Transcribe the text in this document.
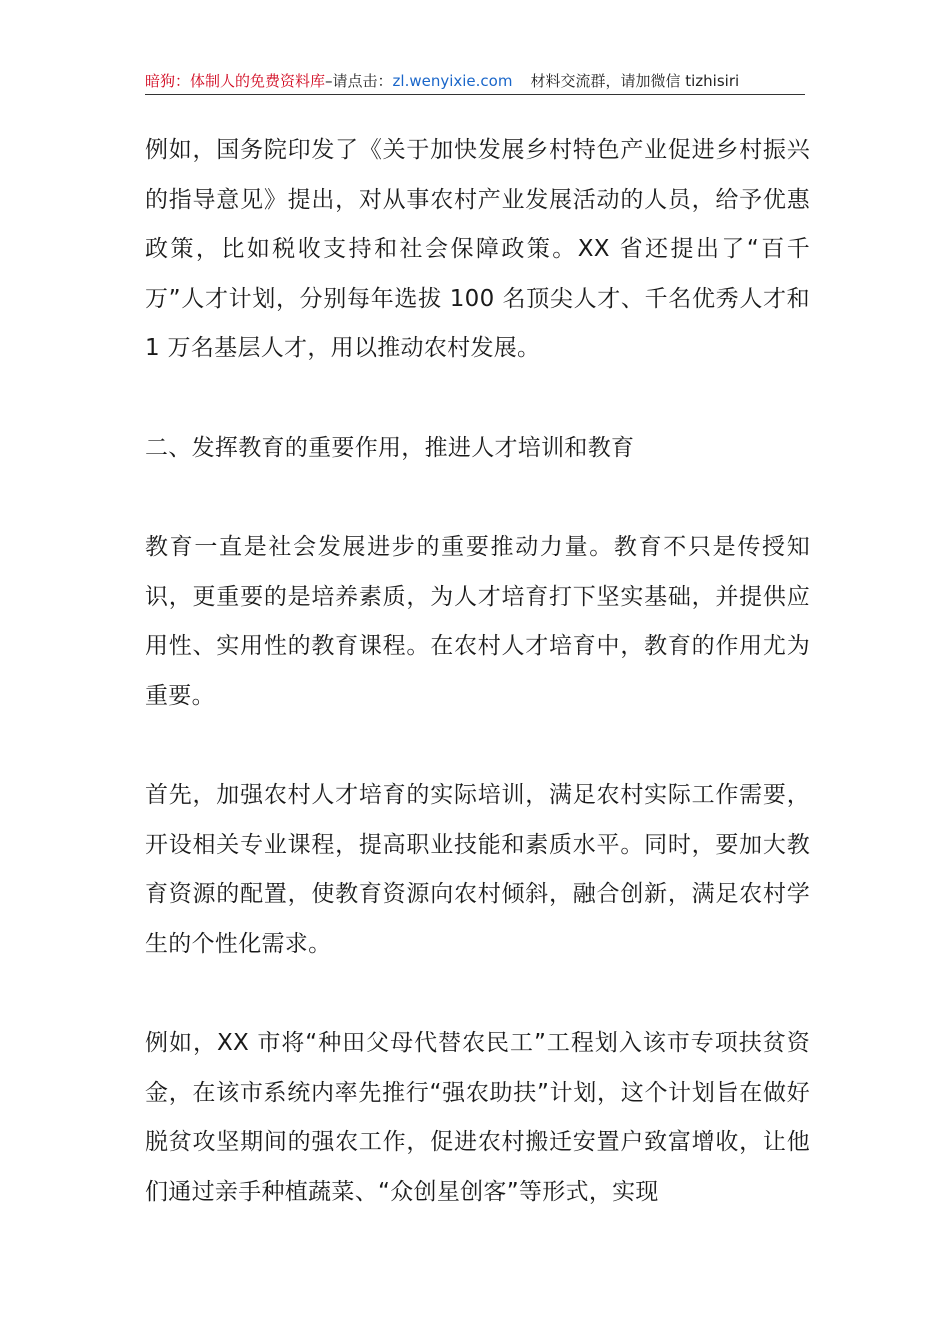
暗狗：体制人的免费资料库–请点击：zl.wenyixie.com 材料交流群，请加微信 tizhisiri

例如，国务院印发了《关于加快发展乡村特色产业促进乡村振兴的指导意见》提出，对从事农村产业发展活动的人员，给予优惠政策，比如税收支持和社会保障政策。XX 省还提出了“百千万”人才计划，分别每年选拔 100 名顶尖人才、千名优秀人才和 1 万名基层人才，用以推动农村发展。

二、发挥教育的重要作用，推进人才培训和教育

教育一直是社会发展进步的重要推动力量。教育不只是传授知识，更重要的是培养素质，为人才培育打下坚实基础，并提供应用性、实用性的教育课程。在农村人才培育中，教育的作用尤为重要。

首先，加强农村人才培育的实际培训，满足农村实际工作需要，开设相关专业课程，提高职业技能和素质水平。同时，要加大教育资源的配置，使教育资源向农村倾斜，融合创新，满足农村学生的个性化需求。

例如，XX 市将“种田父母代替农民工”工程划入该市专项扶贫资金，在该市系统内率先推行“强农助扶”计划，这个计划旨在做好脱贫攻坚期间的强农工作，促进农村搬迁安置户致富增收，让他们通过亲手种植蔬菜、“众创星创客”等形式，实现
